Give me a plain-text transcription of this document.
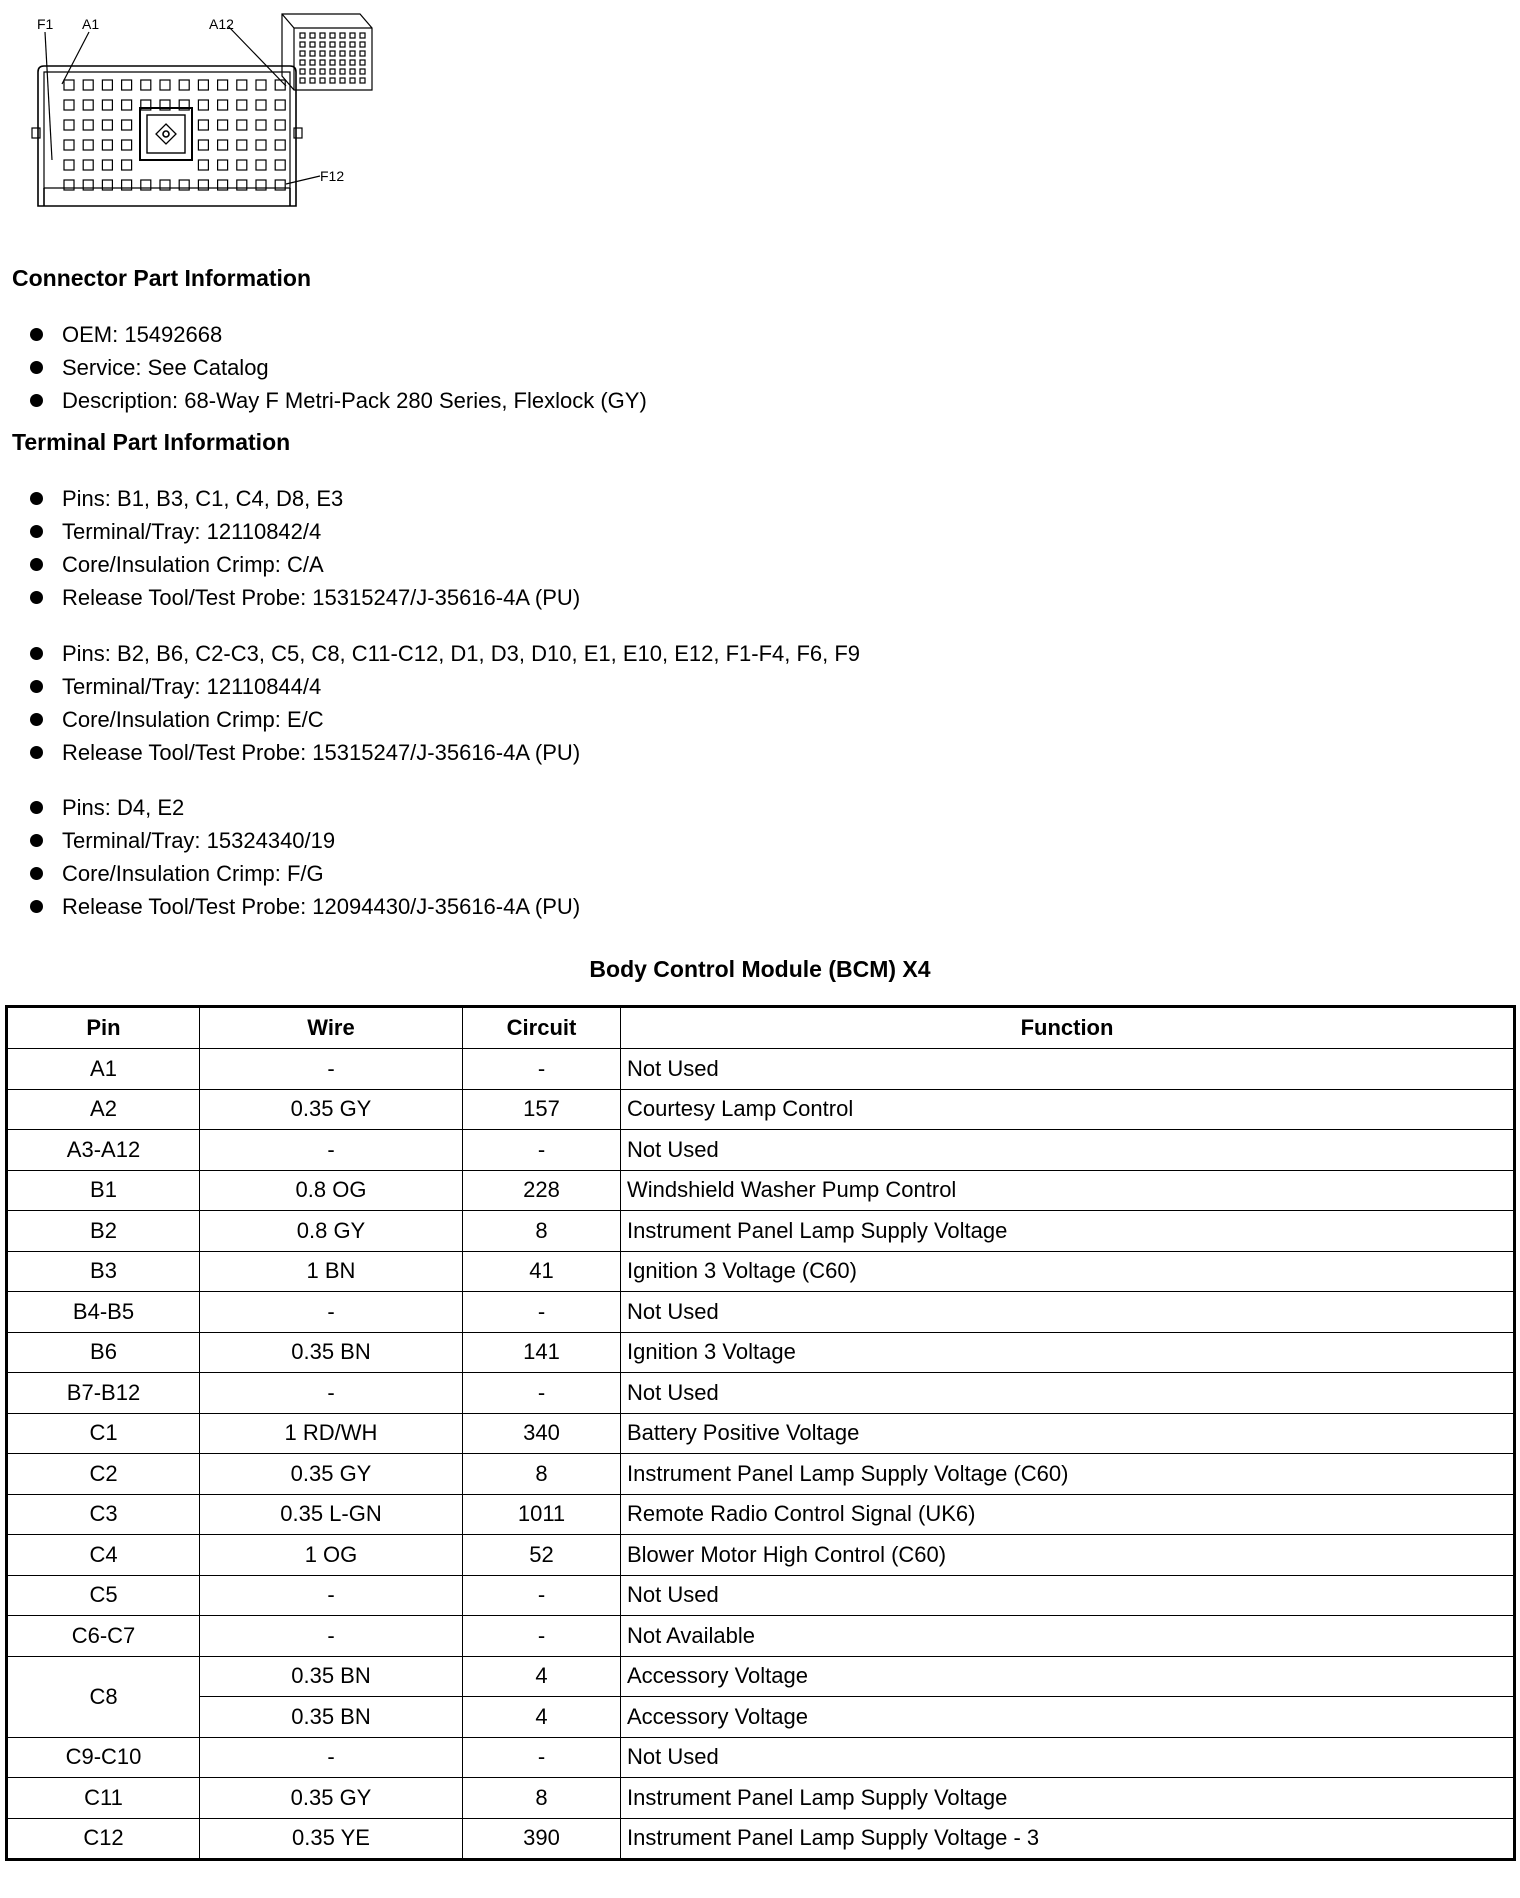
F1 A1	A12
F12
Connector Part Information
OEM: 15492668
Service: See Catalog
Description: 68-Way F Metri-Pack 280 Series, Flexlock (GY)
Terminal Part Information
Pins: B1, B3, C1, C4, D8, E3
Terminal/Tray: 12110842/4
Core/Insulation Crimp: C/A
Release Tool/Test Probe: 15315247/J-35616-4A (PU)
Pins: B2, B6, C2-C3, C5, C8, C11-C12, D1, D3, D10, E1, E10, E12, F1-F4, F6, F9
Terminal/Tray: 12110844/4
Core/Insulation Crimp: E/C
Release Tool/Test Probe: 15315247/J-35616-4A (PU)
Pins: D4, E2
Terminal/Tray: 15324340/19
Core/Insulation Crimp: F/G
Release Tool/Test Probe: 12094430/J-35616-4A (PU)
Body Control Module (BCM) X4
Pin	Wire	Circuit	Function
A1	-	-	Not Used
A2	0.35 GY	157	Courtesy Lamp Control
A3-A12	-	-	Not Used
B1	0.8 OG	228	Windshield Washer Pump Control
B2	0.8 GY	8	Instrument Panel Lamp Supply Voltage
B3	1 BN	41	Ignition 3 Voltage (C60)
B4-B5	-	-	Not Used
B6	0.35 BN	141	Ignition 3 Voltage
B7-B12	-	-	Not Used
C1	1 RD/WH	340	Battery Positive Voltage
C2	0.35 GY	8	Instrument Panel Lamp Supply Voltage (C60)
C3	0.35 L-GN	1011	Remote Radio Control Signal (UK6)
C4	1 OG	52	Blower Motor High Control (C60)
C5	-	-	Not Used
C6-C7	-	-	Not Available
C8	0.35 BN	4	Accessory Voltage
	0.35 BN	4	Accessory Voltage
C9-C10	-	-	Not Used
C11	0.35 GY	8	Instrument Panel Lamp Supply Voltage
C12	0.35 YE	390	Instrument Panel Lamp Supply Voltage - 3
